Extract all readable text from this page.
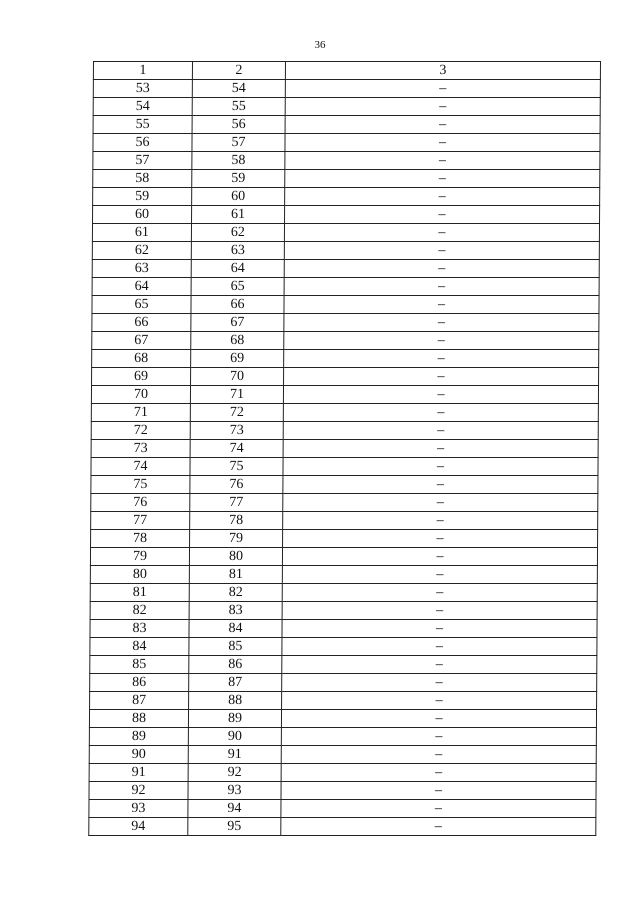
36
1	2	3
53	54	–
54	55	–
55	56	–
56	57	–
57	58	–
58	59	–
59	60	–
60	61	–
61	62	–
62	63	–
63	64	–
64	65	–
65	66	–
66	67	–
67	68	–
68	69	–
69	70	–
70	71	–
71	72	–
72	73	–
73	74	–
74	75	–
75	76	–
76	77	–
77	78	–
78	79	–
79	80	–
80	81	–
81	82	–
82	83	–
83	84	–
84	85	–
85	86	–
86	87	–
87	88	–
88	89	–
89	90	–
90	91	–
91	92	–
92	93	–
93	94	–
94	95	–
